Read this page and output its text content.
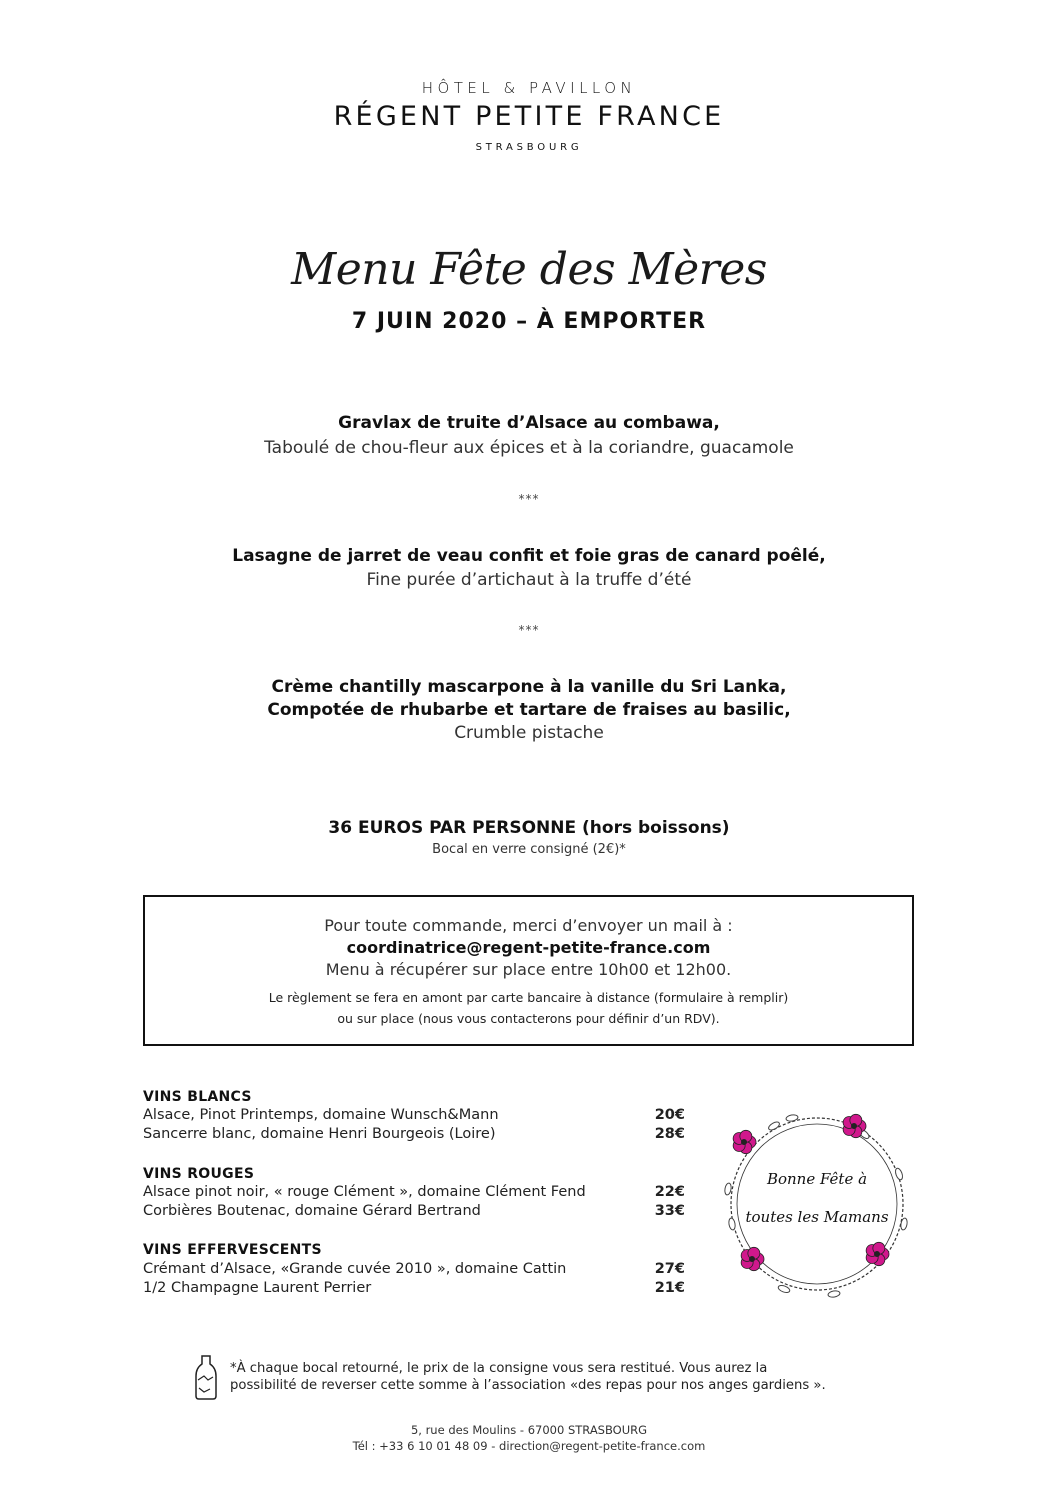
HÔTEL & PAVILLON
RÉGENT PETITE FRANCE
STRASBOURG
Menu Fête des Mères
7 JUIN 2020 – À EMPORTER
Gravlax de truite d’Alsace au combawa,
Taboulé de chou-fleur aux épices et à la coriandre, guacamole
***
Lasagne de jarret de veau confit et foie gras de canard poêlé,
Fine purée d’artichaut à la truffe d’été
***
Crème chantilly mascarpone à la vanille du Sri Lanka,
Compotée de rhubarbe et tartare de fraises au basilic,
Crumble pistache
36 EUROS PAR PERSONNE (hors boissons)
Bocal en verre consigné (2€)*
Pour toute commande, merci d’envoyer un mail à :
coordinatrice@regent-petite-france.com
Menu à récupérer sur place entre 10h00 et 12h00.
Le règlement se fera en amont par carte bancaire à distance (formulaire à remplir)
ou sur place (nous vous contacterons pour définir d’un RDV).
VINS BLANCS
Alsace, Pinot Printemps, domaine Wunsch&Mann	20€
Sancerre blanc, domaine Henri Bourgeois (Loire)	28€
VINS ROUGES
Alsace pinot noir, « rouge Clément », domaine Clément Fend	22€
Corbières Boutenac, domaine Gérard Bertrand	33€
VINS EFFERVESCENTS
Crémant d’Alsace, «Grande cuvée 2010 », domaine Cattin	27€
1/2 Champagne Laurent Perrier	21€
Bonne Fête à
toutes les Mamans
*À chaque bocal retourné, le prix de la consigne vous sera restitué. Vous aurez la
possibilité de reverser cette somme à l’association «des repas pour nos anges gardiens ».
5, rue des Moulins - 67000 STRASBOURG
Tél : +33 6 10 01 48 09 - direction@regent-petite-france.com
